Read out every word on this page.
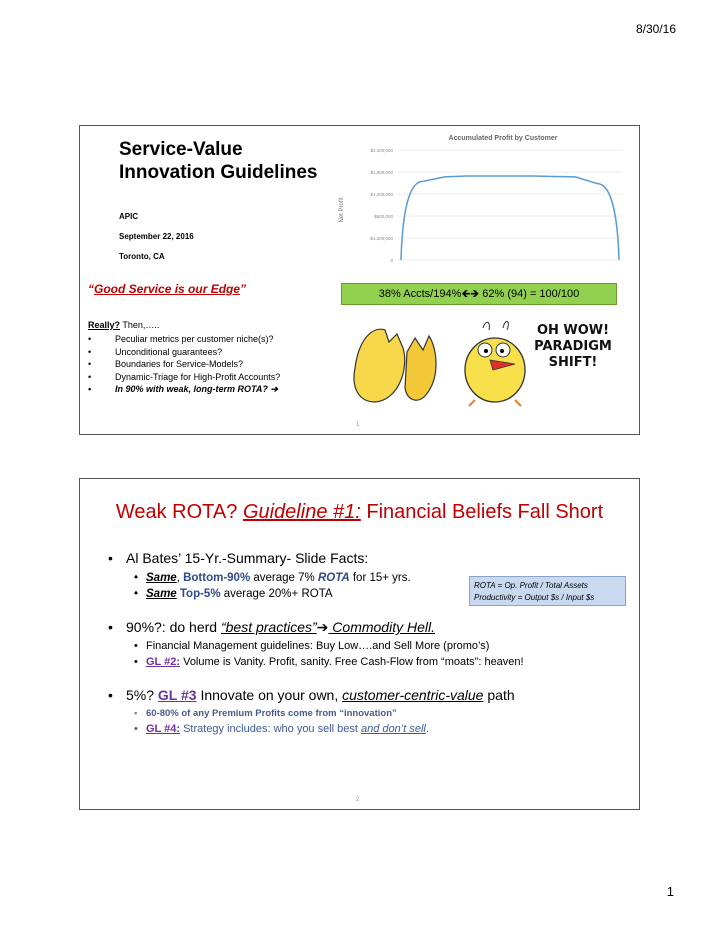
8/30/16
Service-Value Innovation Guidelines
APIC
September 22, 2016
Toronto, CA
“Good Service is our Edge”
Really? Then,…..
• Peculiar metrics per customer niche(s)?
• Unconditional guarantees?
• Boundaries for Service-Models?
• Dynamic-Triage for High-Profit Accounts?
• In 90% with weak, long-term ROTA? ➔
38% Accts/194%🡸🡺 62% (94) = 100/100
Accumulated Profit by Customer
Net Profit
$2,400,000
$1,800,000
$1,200,000
$600,000
-$1,200,000
0
OH WOW! PARADIGM SHIFT!
1
Weak ROTA? Guideline #1: Financial Beliefs Fall Short
• Al Bates’ 15-Yr.-Summary- Slide Facts:
• Same, Bottom-90% average 7% ROTA for 15+ yrs.
• Same Top-5% average 20%+ ROTA
• 90%?: do herd “best practices”➔ Commodity Hell.
• Financial Management guidelines: Buy Low….and Sell More (promo’s)
• GL #2: Volume is Vanity. Profit, sanity. Free Cash-Flow from “moats”: heaven!
• 5%? GL #3 Innovate on your own, customer-centric-value path
• 60-80% of any Premium Profits come from “innovation”
• GL #4: Strategy includes: who you sell best and don’t sell.
ROTA = Op. Profit / Total Assets
Productivity = Output $s / Input $s
2
1
